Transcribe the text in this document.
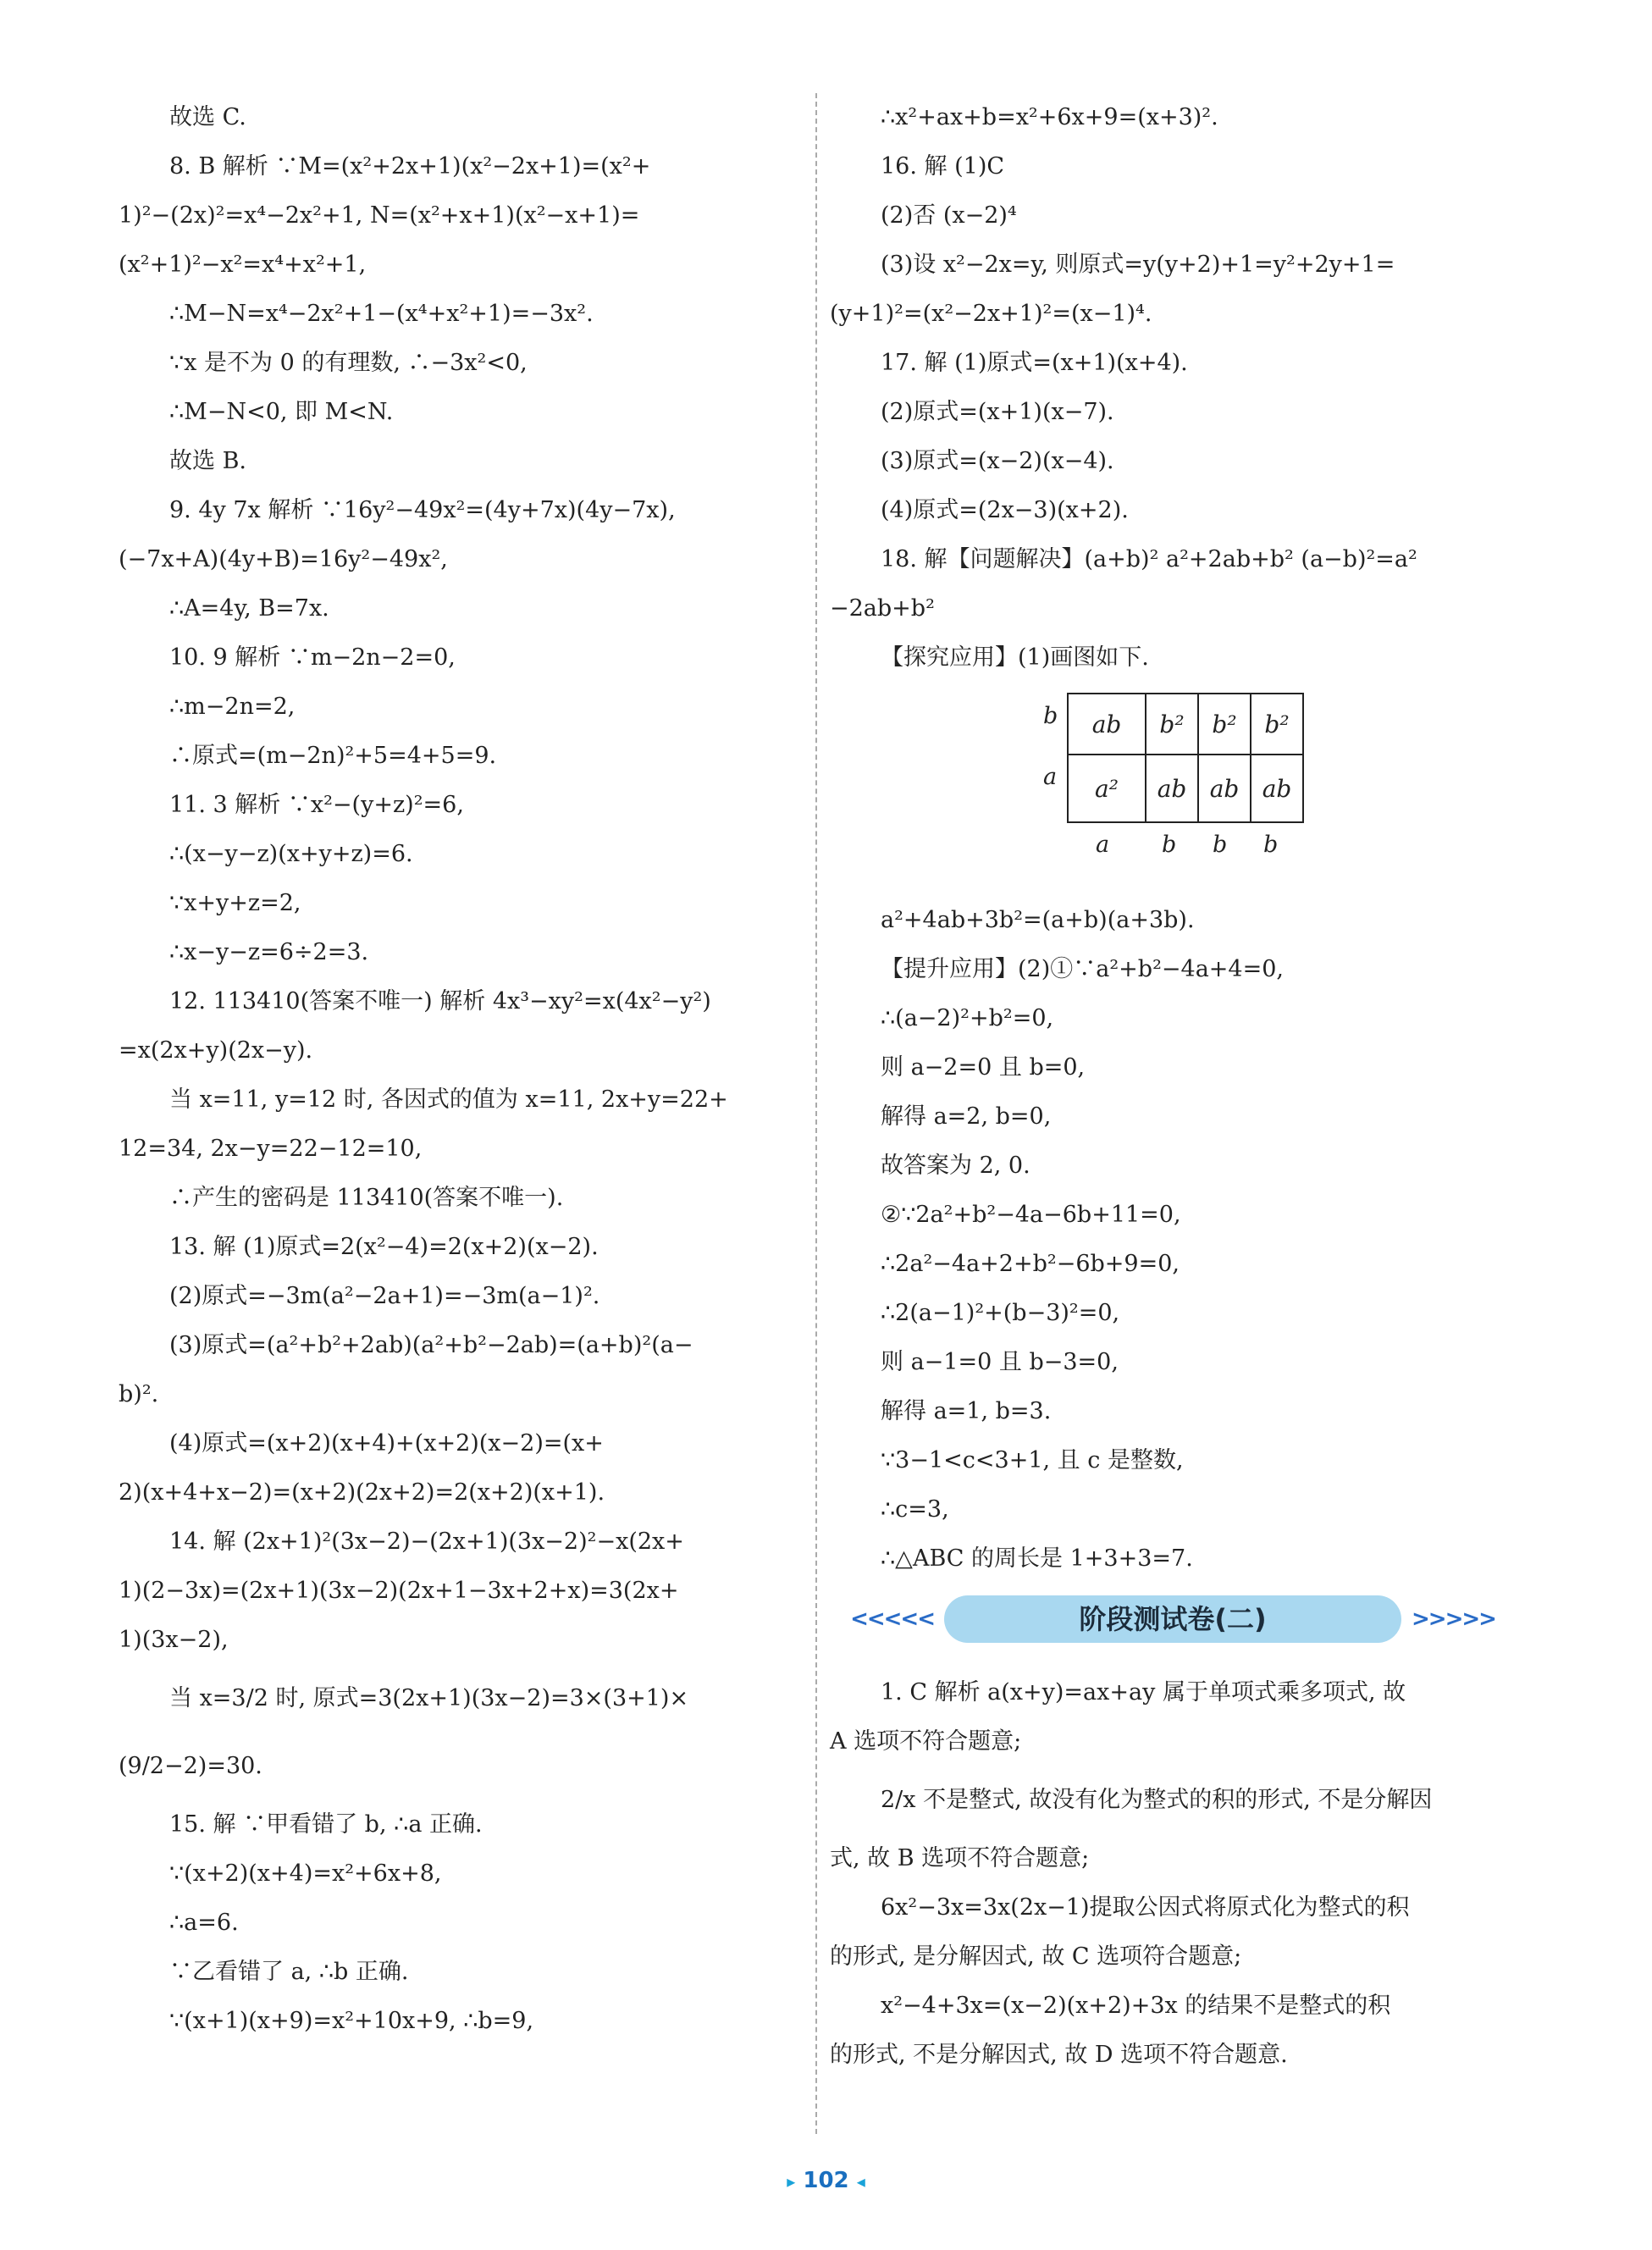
故选 C.
8. B 解析 ∵M=(x²+2x+1)(x²−2x+1)=(x²+
1)²−(2x)²=x⁴−2x²+1, N=(x²+x+1)(x²−x+1)=
(x²+1)²−x²=x⁴+x²+1,
∴M−N=x⁴−2x²+1−(x⁴+x²+1)=−3x².
∵x 是不为 0 的有理数, ∴−3x²<0,
∴M−N<0, 即 M<N.
故选 B.
9. 4y 7x 解析 ∵16y²−49x²=(4y+7x)(4y−7x),
(−7x+A)(4y+B)=16y²−49x²,
∴A=4y, B=7x.
10. 9 解析 ∵m−2n−2=0,
∴m−2n=2,
∴原式=(m−2n)²+5=4+5=9.
11. 3 解析 ∵x²−(y+z)²=6,
∴(x−y−z)(x+y+z)=6.
∵x+y+z=2,
∴x−y−z=6÷2=3.
12. 113410(答案不唯一) 解析 4x³−xy²=x(4x²−y²)
=x(2x+y)(2x−y).
当 x=11, y=12 时, 各因式的值为 x=11, 2x+y=22+
12=34, 2x−y=22−12=10,
∴产生的密码是 113410(答案不唯一).
13. 解 (1)原式=2(x²−4)=2(x+2)(x−2).
(2)原式=−3m(a²−2a+1)=−3m(a−1)².
(3)原式=(a²+b²+2ab)(a²+b²−2ab)=(a+b)²(a−
b)².
(4)原式=(x+2)(x+4)+(x+2)(x−2)=(x+
2)(x+4+x−2)=(x+2)(2x+2)=2(x+2)(x+1).
14. 解 (2x+1)²(3x−2)−(2x+1)(3x−2)²−x(2x+
1)(2−3x)=(2x+1)(3x−2)(2x+1−3x+2+x)=3(2x+
1)(3x−2),
当 x=3/2 时, 原式=3(2x+1)(3x−2)=3×(3+1)×
(9/2−2)=30.
15. 解 ∵甲看错了 b, ∴a 正确.
∵(x+2)(x+4)=x²+6x+8,
∴a=6.
∵乙看错了 a, ∴b 正确.
∵(x+1)(x+9)=x²+10x+9, ∴b=9,
∴x²+ax+b=x²+6x+9=(x+3)².
16. 解 (1)C
(2)否 (x−2)⁴
(3)设 x²−2x=y, 则原式=y(y+2)+1=y²+2y+1=
(y+1)²=(x²−2x+1)²=(x−1)⁴.
17. 解 (1)原式=(x+1)(x+4).
(2)原式=(x+1)(x−7).
(3)原式=(x−2)(x−4).
(4)原式=(2x−3)(x+2).
18. 解【问题解决】(a+b)² a²+2ab+b² (a−b)²=a²
−2ab+b²
【探究应用】(1)画图如下.
b
a
ab	b²	b²	b²
a²	ab	ab	ab
a b b b
a²+4ab+3b²=(a+b)(a+3b).
【提升应用】(2)①∵a²+b²−4a+4=0,
∴(a−2)²+b²=0,
则 a−2=0 且 b=0,
解得 a=2, b=0,
故答案为 2, 0.
②∵2a²+b²−4a−6b+11=0,
∴2a²−4a+2+b²−6b+9=0,
∴2(a−1)²+(b−3)²=0,
则 a−1=0 且 b−3=0,
解得 a=1, b=3.
∵3−1<c<3+1, 且 c 是整数,
∴c=3,
∴△ABC 的周长是 1+3+3=7.
<<<<<	阶段测试卷(二)	>>>>>
1. C 解析 a(x+y)=ax+ay 属于单项式乘多项式, 故
A 选项不符合题意;
2/x 不是整式, 故没有化为整式的积的形式, 不是分解因
式, 故 B 选项不符合题意;
6x²−3x=3x(2x−1)提取公因式将原式化为整式的积
的形式, 是分解因式, 故 C 选项符合题意;
x²−4+3x=(x−2)(x+2)+3x 的结果不是整式的积
的形式, 不是分解因式, 故 D 选项不符合题意.
▸ 102 ◂
